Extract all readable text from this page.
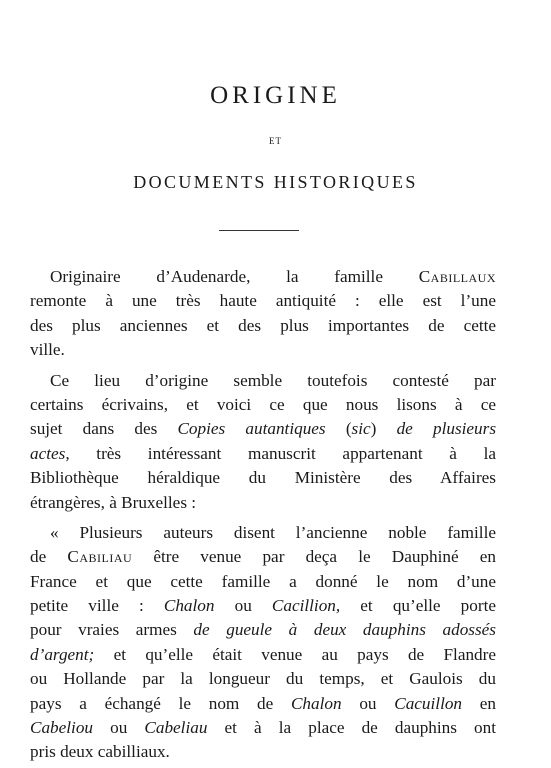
ORIGINE
ET
DOCUMENTS HISTORIQUES
Originaire d’Audenarde, la famille Cabillaux
remonte à une très haute antiquité : elle est l’une
des plus anciennes et des plus importantes de cette
ville.
Ce lieu d’origine semble toutefois contesté par
certains écrivains, et voici ce que nous lisons à ce
sujet dans des Copies autantiques (sic) de plusieurs
actes, très intéressant manuscrit appartenant à la
Bibliothèque héraldique du Ministère des Affaires
étrangères, à Bruxelles :
« Plusieurs auteurs disent l’ancienne noble famille
de Cabiliau être venue par deça le Dauphiné en
France et que cette famille a donné le nom d’une
petite ville : Chalon ou Cacillion, et qu’elle porte
pour vraies armes de gueule à deux dauphins adossés
d’argent; et qu’elle était venue au pays de Flandre
ou Hollande par la longueur du temps, et Gaulois du
pays a échangé le nom de Chalon ou Cacuillon en
Cabeliou ou Cabeliau et à la place de dauphins ont
pris deux cabilliaux.
